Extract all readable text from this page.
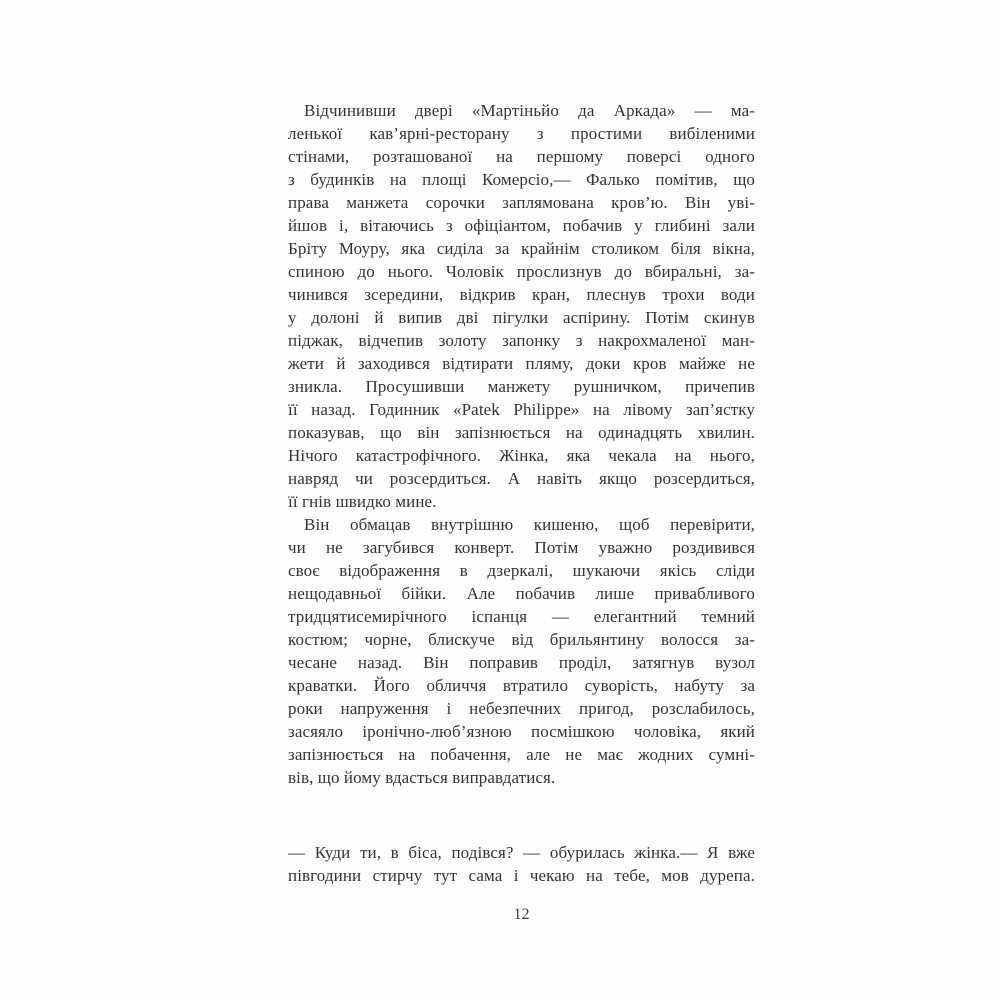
Відчинивши двері «Мартіньйо да Аркада» — ма-
ленької кав’ярні-ресторану з простими вибіленими
стінами, розташованої на першому поверсі одного
з будинків на площі Комерсіо,— Фалько помітив, що
права манжета сорочки заплямована кров’ю. Він уві-
йшов і, вітаючись з офіціантом, побачив у глибині зали
Бріту Моуру, яка сиділа за крайнім столиком біля вікна,
спиною до нього. Чоловік прослизнув до вбиральні, за-
чинився зсередини, відкрив кран, плеснув трохи води
у долоні й випив дві пігулки аспірину. Потім скинув
піджак, відчепив золоту запонку з накрохмаленої ман-
жети й заходився відтирати пляму, доки кров майже не
зникла. Просушивши манжету рушничком, причепив
її назад. Годинник «Patek Philippe» на лівому зап’ястку
показував, що він запізнюється на одинадцять хвилин.
Нічого катастрофічного. Жінка, яка чекала на нього,
навряд чи розсердиться. А навіть якщо розсердиться,
її гнів швидко мине.

Він обмацав внутрішню кишеню, щоб перевірити,
чи не загубився конверт. Потім уважно роздивився
своє відображення в дзеркалі, шукаючи якісь сліди
нещодавньої бійки. Але побачив лише привабливого
тридцятисемирічного іспанця — елегантний темний
костюм; чорне, блискуче від брильянтину волосся за-
чесане назад. Він поправив проділ, затягнув вузол
краватки. Його обличчя втратило суворість, набуту за
роки напруження і небезпечних пригод, розслабилось,
засяяло іронічно-люб’язною посмішкою чоловіка, який
запізнюється на побачення, але не має жодних сумні-
вів, що йому вдасться виправдатися.

— Куди ти, в біса, подівся? — обурилась жінка.— Я вже
півгодини стирчу тут сама і чекаю на тебе, мов дурепа.

12
